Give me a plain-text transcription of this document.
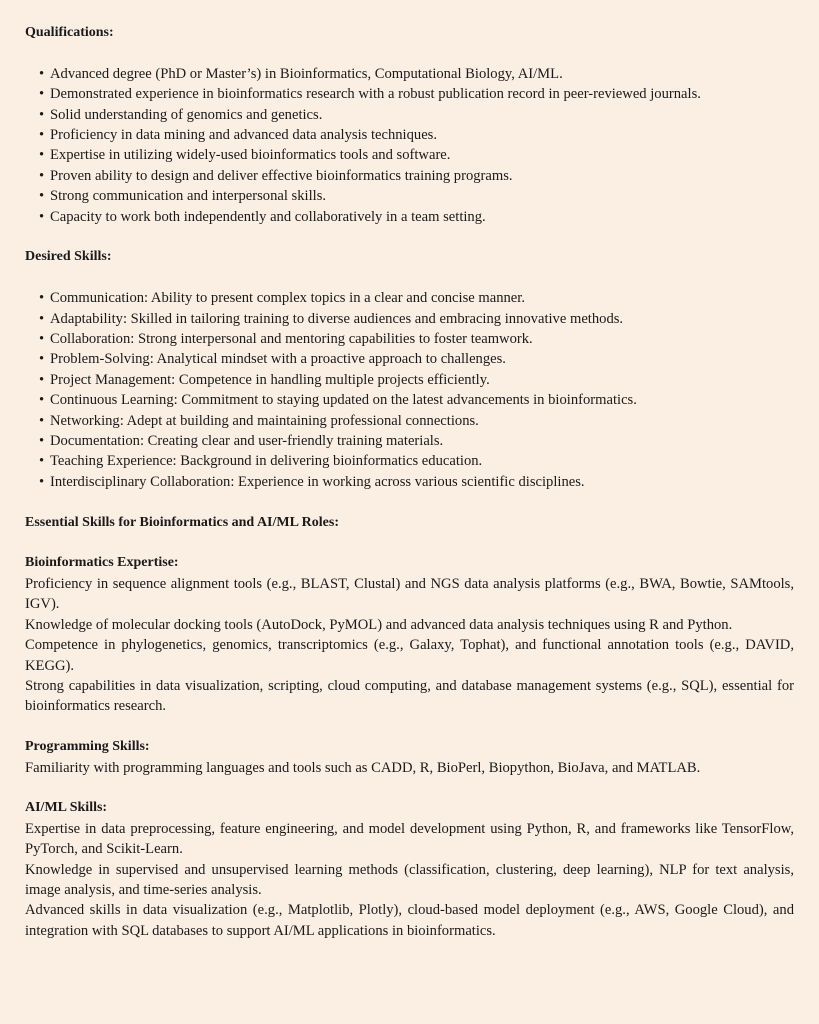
Qualifications:
• Advanced degree (PhD or Master’s) in Bioinformatics, Computational Biology, AI/ML.
• Demonstrated experience in bioinformatics research with a robust publication record in peer-reviewed journals.
• Solid understanding of genomics and genetics.
• Proficiency in data mining and advanced data analysis techniques.
• Expertise in utilizing widely-used bioinformatics tools and software.
• Proven ability to design and deliver effective bioinformatics training programs.
• Strong communication and interpersonal skills.
• Capacity to work both independently and collaboratively in a team setting.
Desired Skills:
• Communication: Ability to present complex topics in a clear and concise manner.
• Adaptability: Skilled in tailoring training to diverse audiences and embracing innovative methods.
• Collaboration: Strong interpersonal and mentoring capabilities to foster teamwork.
• Problem-Solving: Analytical mindset with a proactive approach to challenges.
• Project Management: Competence in handling multiple projects efficiently.
• Continuous Learning: Commitment to staying updated on the latest advancements in bioinformatics.
• Networking: Adept at building and maintaining professional connections.
• Documentation: Creating clear and user-friendly training materials.
• Teaching Experience: Background in delivering bioinformatics education.
• Interdisciplinary Collaboration: Experience in working across various scientific disciplines.
Essential Skills for Bioinformatics and AI/ML Roles:
Bioinformatics Expertise:

Proficiency in sequence alignment tools (e.g., BLAST, Clustal) and NGS data analysis platforms (e.g., BWA, Bowtie, SAMtools, IGV).

Knowledge of molecular docking tools (AutoDock, PyMOL) and advanced data analysis techniques using R and Python.

Competence in phylogenetics, genomics, transcriptomics (e.g., Galaxy, Tophat), and functional annotation tools (e.g., DAVID, KEGG).

Strong capabilities in data visualization, scripting, cloud computing, and database management systems (e.g., SQL), essential for bioinformatics research.

Programming Skills:

Familiarity with programming languages and tools such as CADD, R, BioPerl, Biopython, BioJava, and MATLAB.

AI/ML Skills:

Expertise in data preprocessing, feature engineering, and model development using Python, R, and frameworks like TensorFlow, PyTorch, and Scikit-Learn.

Knowledge in supervised and unsupervised learning methods (classification, clustering, deep learning), NLP for text analysis, image analysis, and time-series analysis.

Advanced skills in data visualization (e.g., Matplotlib, Plotly), cloud-based model deployment (e.g., AWS, Google Cloud), and integration with SQL databases to support AI/ML applications in bioinformatics.
